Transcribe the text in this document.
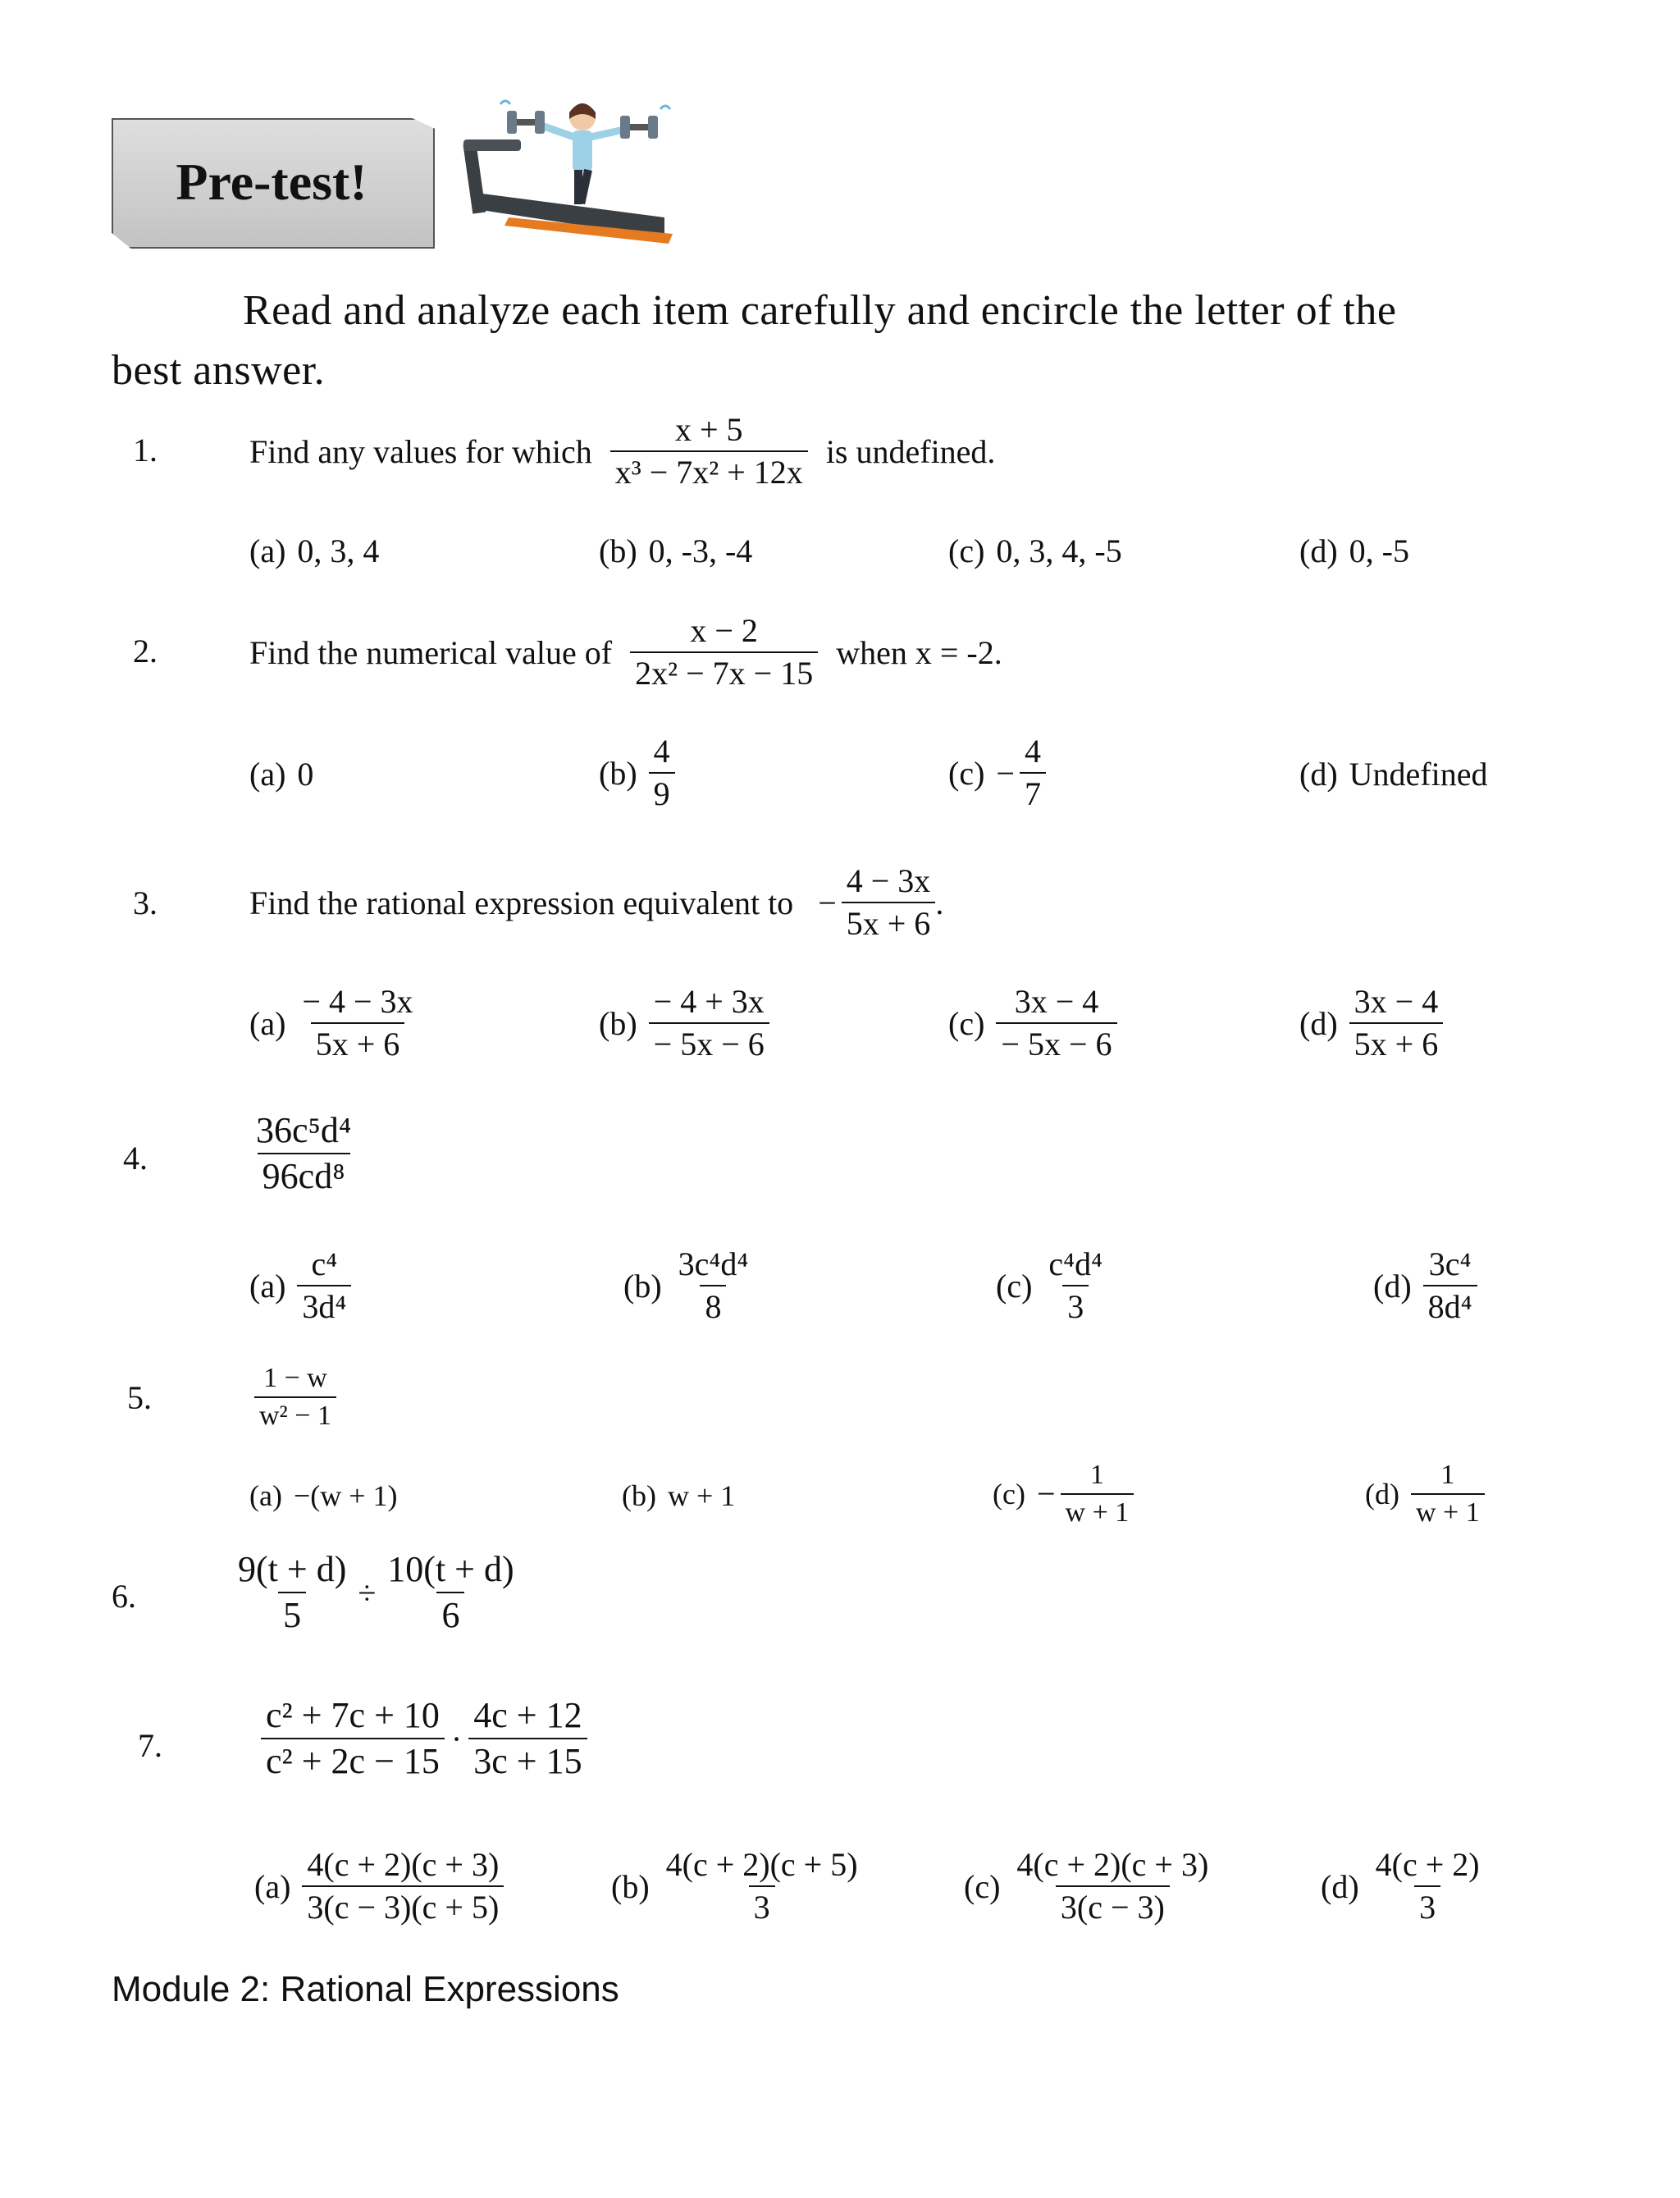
Pre-test!
Read and analyze each item carefully and encircle the letter of the
best answer.
1.	Find any values for which $\frac{x + 5}{\text{x³ − 7x² + 12x}}$ is undefined.
(a) 0, 3, 4	(b) 0, -3, -4	(c) 0, 3, 4, -5	(d) 0, -5
2.	Find the numerical value of $\frac{x - 2}{\text{2x² − 7x − 15}}$ when x = -2.
(a) 0	$(b) \frac{4}{9}$	$(c) - \frac{4}{7}$	(d) Undefined
3.	Find the rational expression equivalent to − $\frac{4 - 3x}{5x + 6}$ .
$(a) \frac{- 4 - 3x}{5x + 6}$	$(b) \frac{- 4 + 3x}{- 5x - 6}$	$(c) \frac{3x - 4}{- 5x - 6}$	$(d) \frac{3x - 4}{5x + 6}$
4.	$\frac{\text{36c⁵d⁴}}{\text{96cd⁸}}$
$(a) \frac{\text{c⁴}}{\text{3d⁴}}$	$(b) \frac{\text{3c⁴d⁴}}{8}$	$(c) \frac{\text{c⁴d⁴}}{3}$	$(d) \frac{\text{3c⁴}}{\text{8d⁴}}$
5.	$\frac{1 - w}{\text{w² − 1}}$
(a) −(w + 1)	(b) w + 1	$(c) - \frac{1}{w + 1}$	$(d) \frac{1}{w + 1}$
6.	$\frac{9(t + d)}{5} \div \frac{10(t + d)}{6}$
7.	$\frac{\text{c² + 7c + 10}}{\text{c² + 2c − 15}} \cdot \frac{4c + 12}{3c + 15}$
$(a) \frac{4(c + 2)(c + 3)}{3(c - 3)(c + 5)}$	$(b) \frac{4(c + 2)(c + 5)}{3}$	$(c) \frac{4(c + 2)(c + 3)}{3(c - 3)}$	$(d) \frac{4(c + 2)}{3}$
Module 2: Rational Expressions
